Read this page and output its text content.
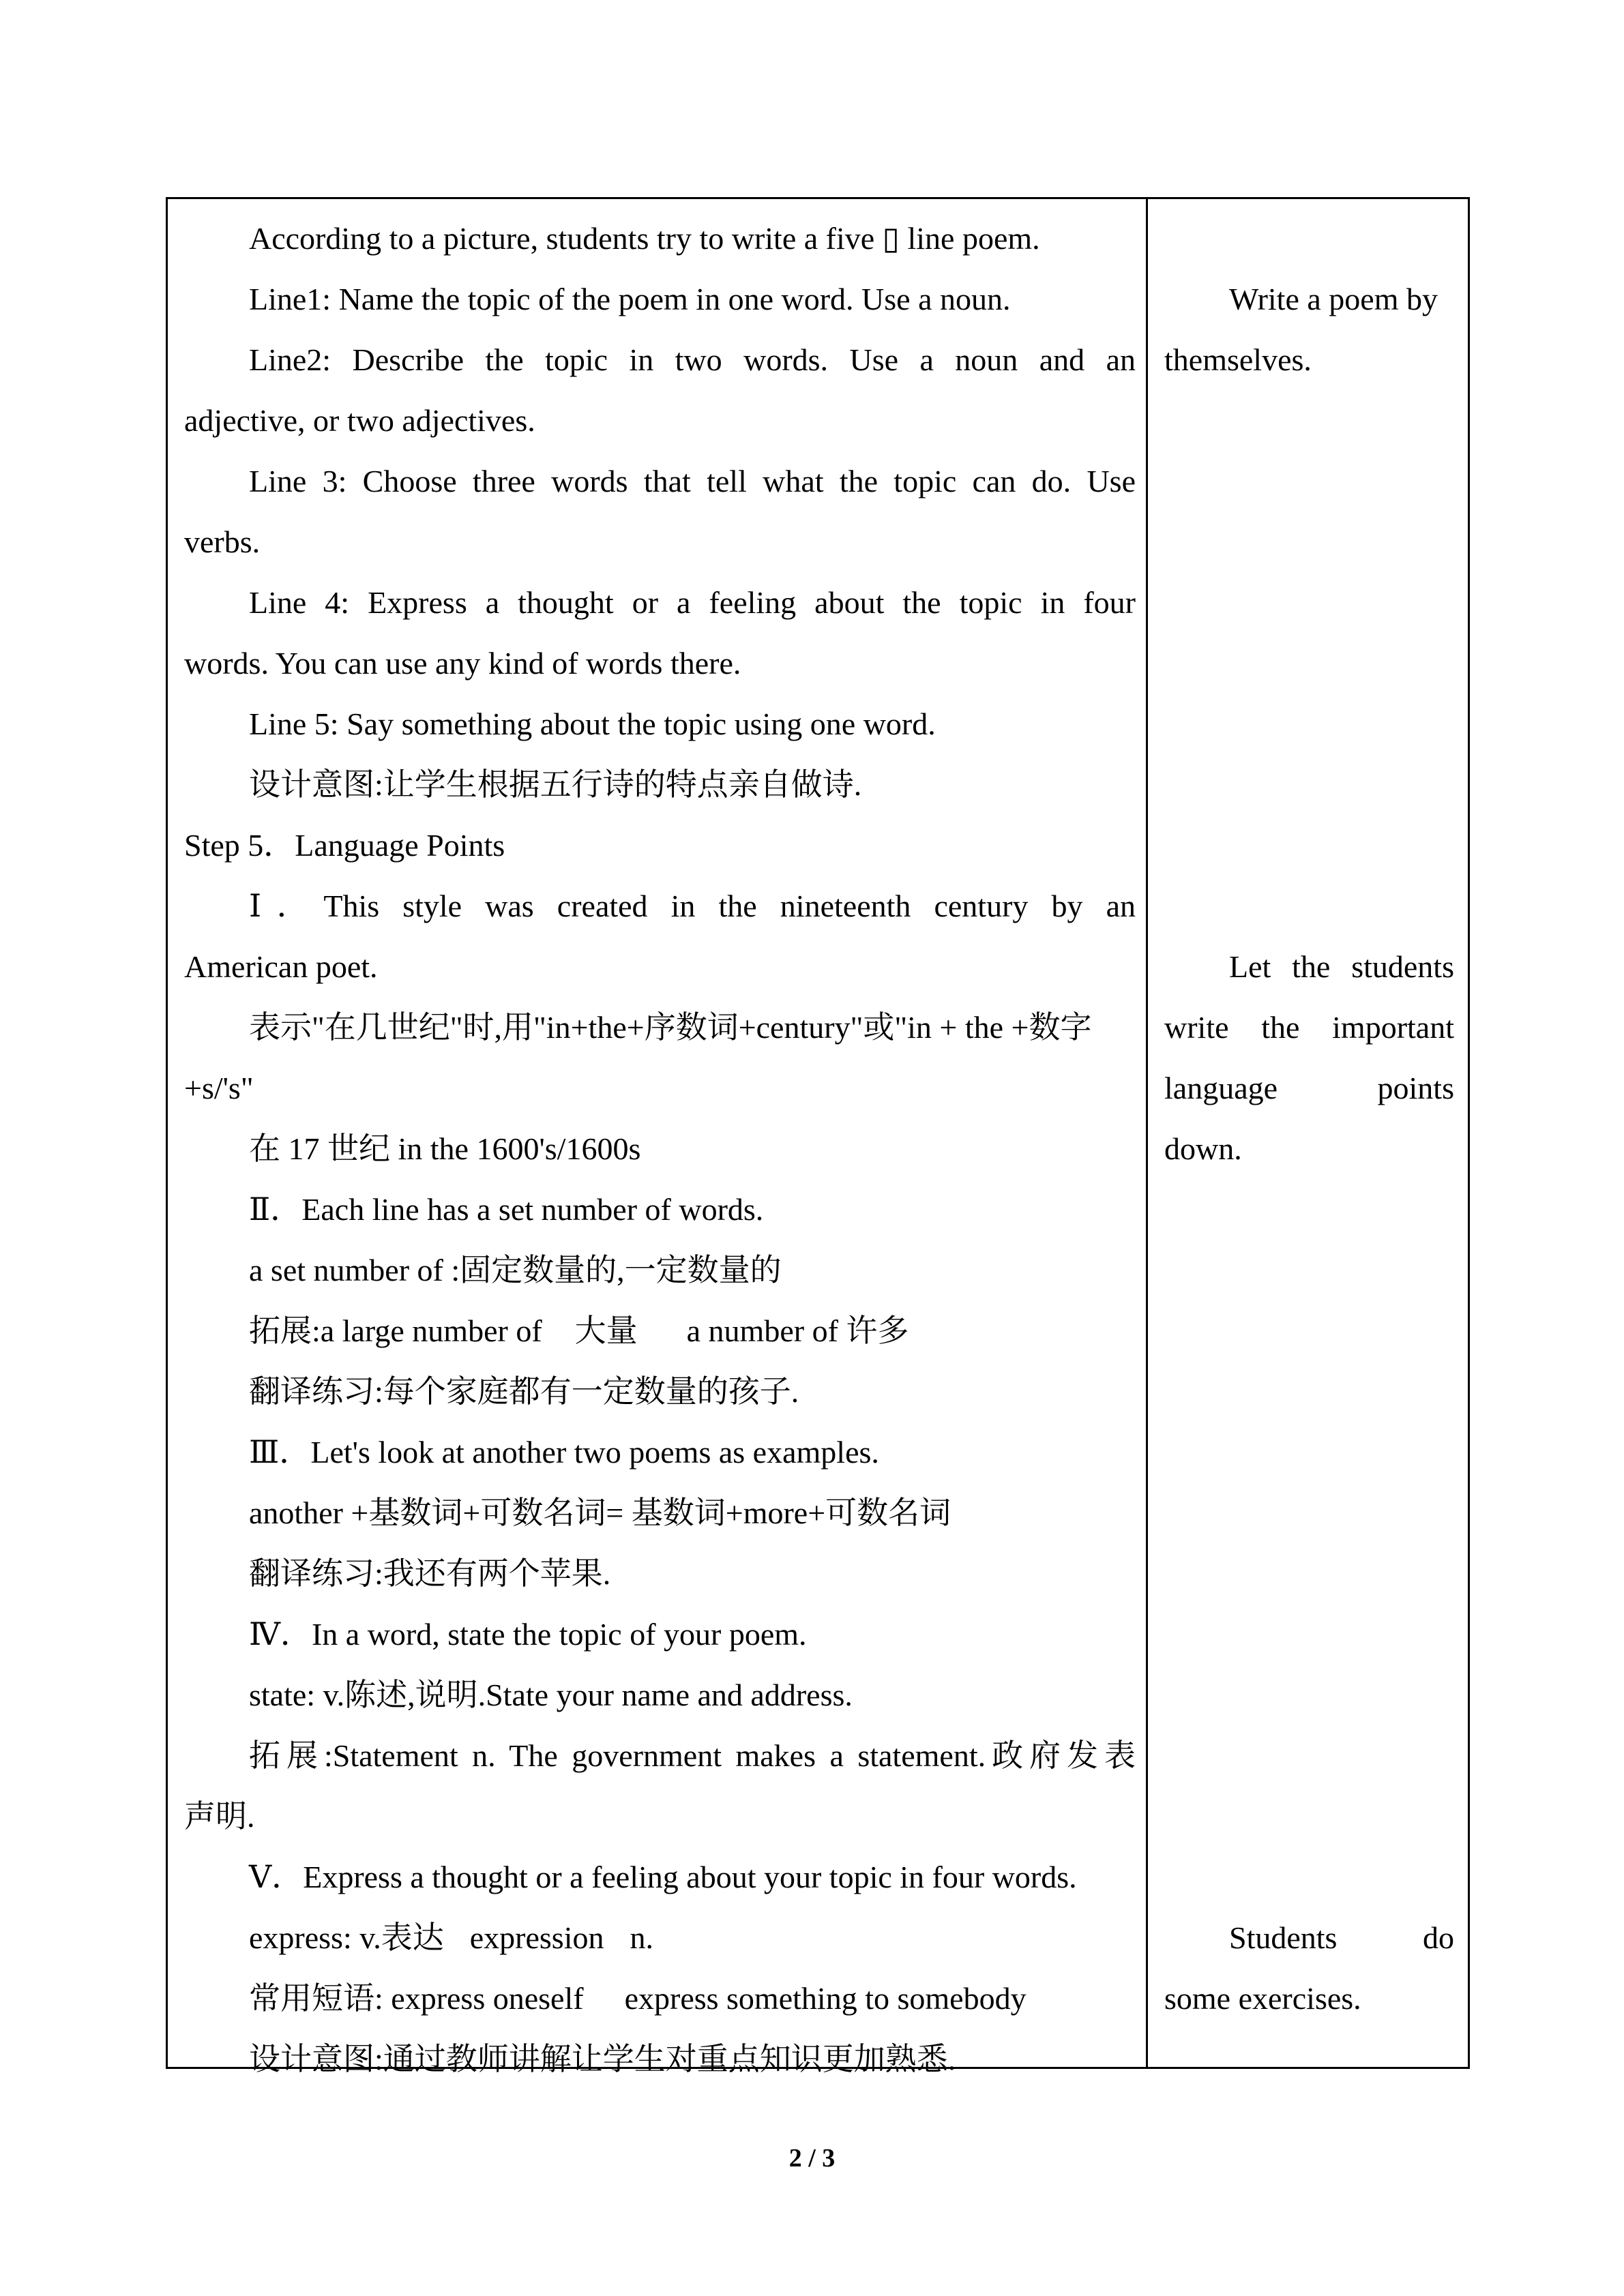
According to a picture, students try to write a five ▯ line poem.
Line1: Name the topic of the poem in one word. Use a noun.
Line2: Describe the topic in two words. Use a noun and an
adjective, or two adjectives.
Line 3: Choose three words that tell what the topic can do. Use
verbs.
Line 4: Express a thought or a feeling about the topic in four
words. You can use any kind of words there.
Line 5: Say something about the topic using one word.
设计意图:让学生根据五行诗的特点亲自做诗.
Step 5．Language Points
Ⅰ．This style was created in the nineteenth century by an
American poet.
表示"在几世纪"时,用"in+the+序数词+century"或"in + the +数字
+s/'s"
在 17 世纪 in the 1600's/1600s
Ⅱ．Each line has a set number of words.
a set number of :固定数量的,一定数量的
拓展:a large number of 大量 a number of 许多
翻译练习:每个家庭都有一定数量的孩子.
Ⅲ．Let's look at another two poems as examples.
another +基数词+可数名词= 基数词+more+可数名词
翻译练习:我还有两个苹果.
Ⅳ．In a word, state the topic of your poem.
state: v.陈述,说明.State your name and address.
拓展:Statement n. The government makes a statement.政府发表
声明.
Ⅴ．Express a thought or a feeling about your topic in four words.
express: v.表达 expression n.
常用短语: express oneself express something to somebody
设计意图:通过教师讲解让学生对重点知识更加熟悉.
Write a poem by
themselves.
Let the students
write the important
language points
down.
Students do
some exercises.
2 / 3
